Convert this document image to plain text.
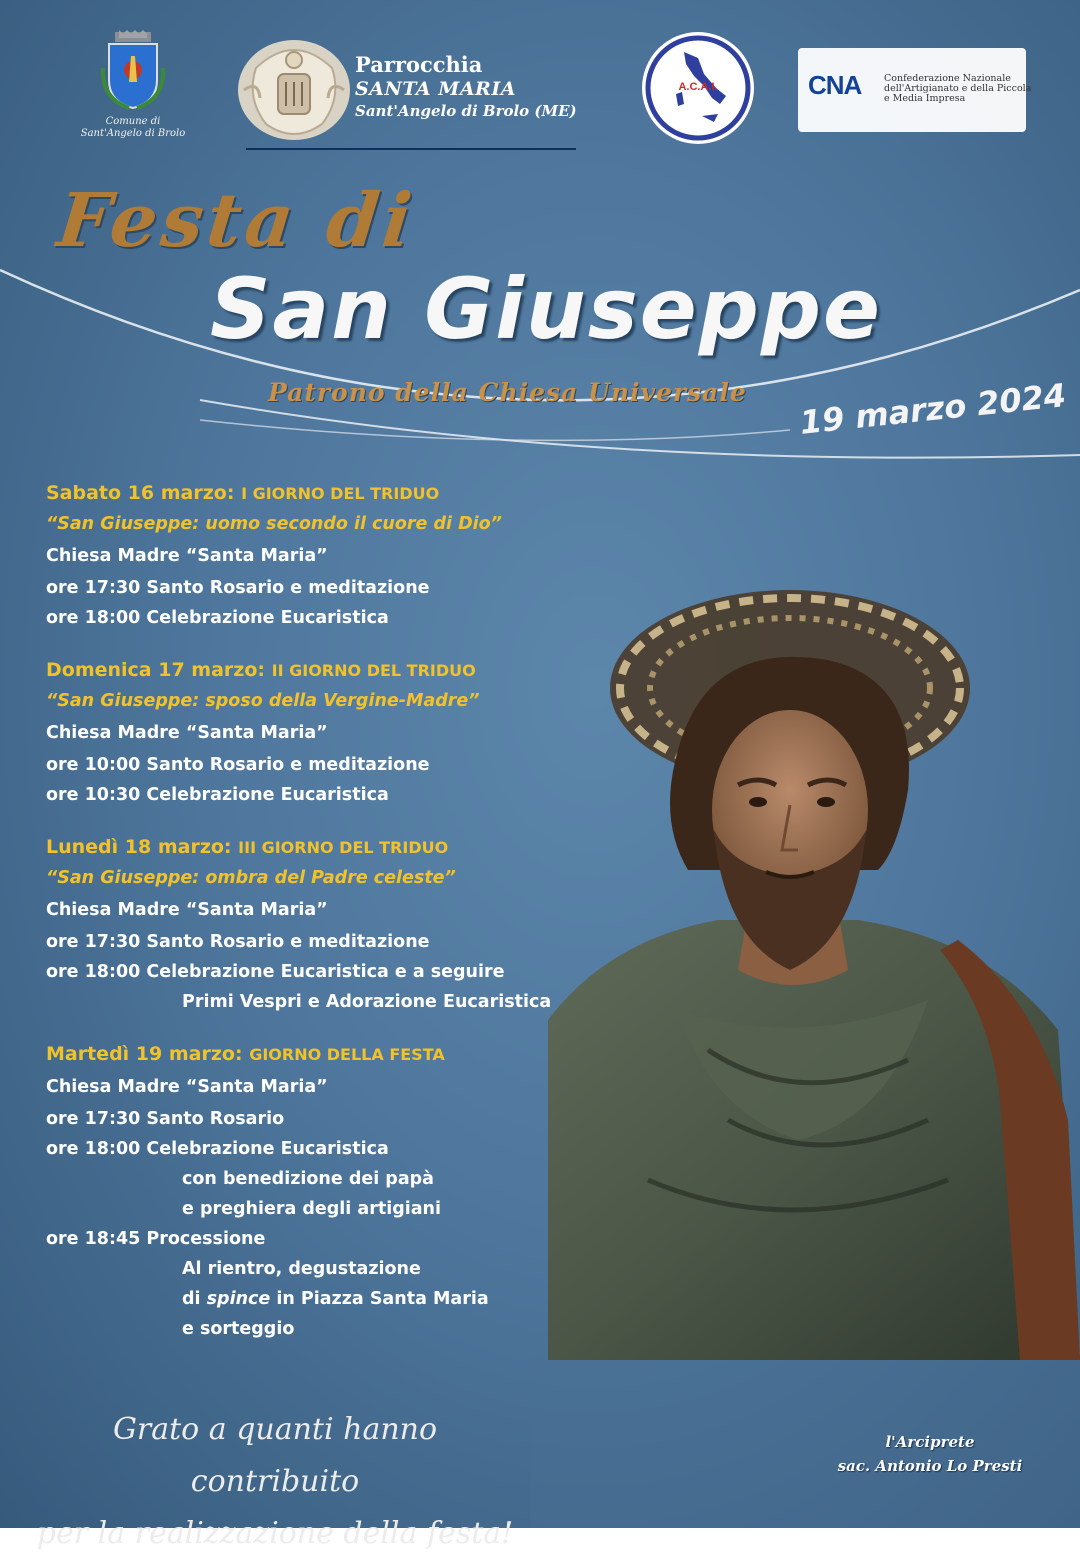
Comune di
Sant'Angelo di Brolo
Parrocchia
SANTA MARIA
Sant'Angelo di Brolo (ME)
A.C.A.I.	CNA Confederazione Nazionale
dell'Artigianato e della Piccola
e Media Impresa
Festa di
San Giuseppe
Patrono della Chiesa Universale 19 marzo 2024
Sabato 16 marzo: I GIORNO DEL TRIDUO
“San Giuseppe: uomo secondo il cuore di Dio”
Chiesa Madre “Santa Maria”
ore 17:30 Santo Rosario e meditazione
ore 18:00 Celebrazione Eucaristica
Domenica 17 marzo: II GIORNO DEL TRIDUO
“San Giuseppe: sposo della Vergine-Madre”
Chiesa Madre “Santa Maria”
ore 10:00 Santo Rosario e meditazione
ore 10:30 Celebrazione Eucaristica
Lunedì 18 marzo: III GIORNO DEL TRIDUO
“San Giuseppe: ombra del Padre celeste”
Chiesa Madre “Santa Maria”
ore 17:30 Santo Rosario e meditazione
ore 18:00 Celebrazione Eucaristica e a seguire
Primi Vespri e Adorazione Eucaristica
Martedì 19 marzo: GIORNO DELLA FESTA
Chiesa Madre “Santa Maria”
ore 17:30 Santo Rosario
ore 18:00 Celebrazione Eucaristica
con benedizione dei papà
e preghiera degli artigiani
ore 18:45 Processione
Al rientro, degustazione
di spince in Piazza Santa Maria
e sorteggio
Grato a quanti hanno contribuito
per la realizzazione della festa!
l'Arciprete
sac. Antonio Lo Presti
